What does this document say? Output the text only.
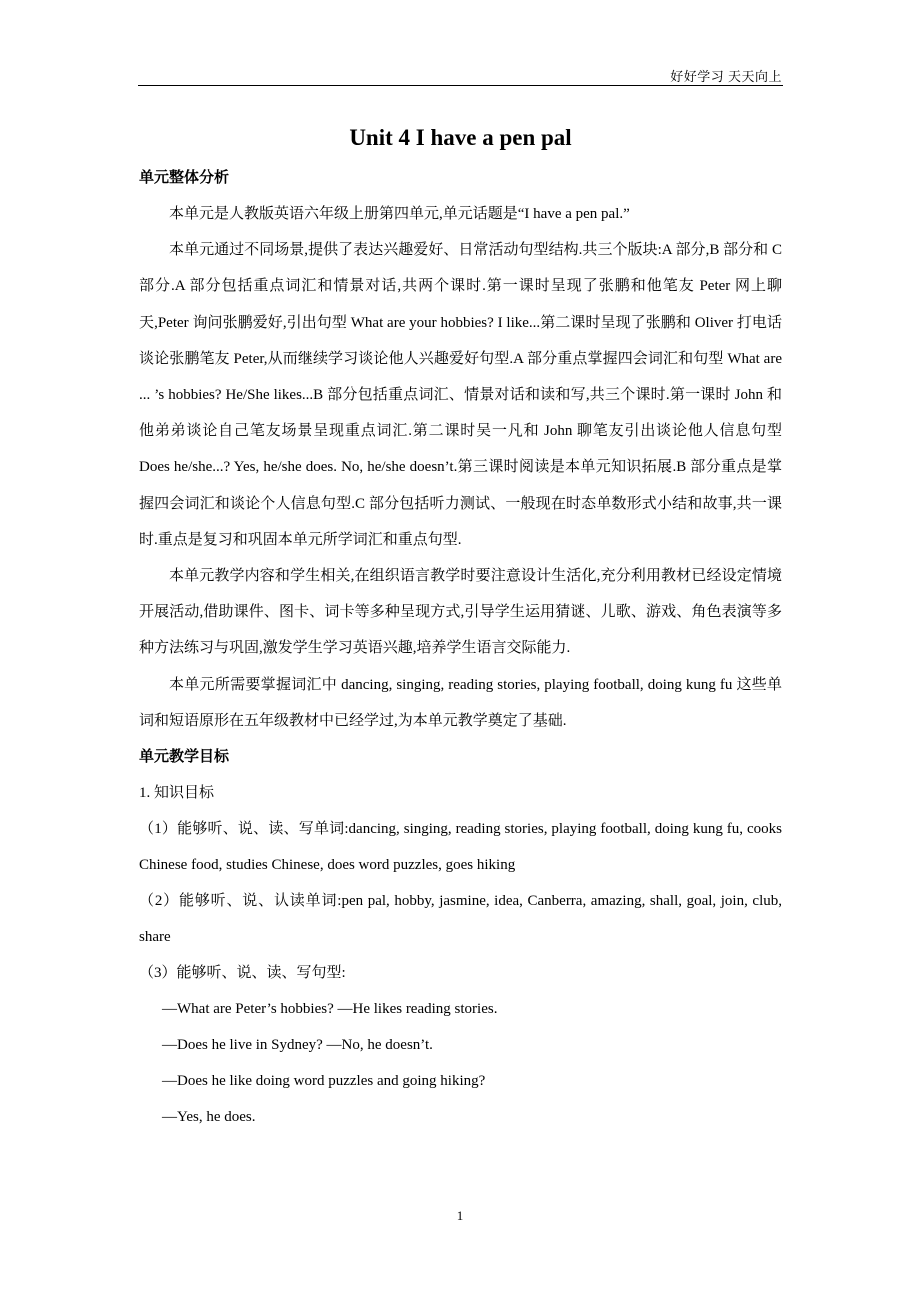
好好学习 天天向上
Unit 4 I have a pen pal
单元整体分析

本单元是人教版英语六年级上册第四单元,单元话题是“I have a pen pal.”

本单元通过不同场景,提供了表达兴趣爱好、日常活动句型结构.共三个版块:A 部分,B 部分和 C 部分.A 部分包括重点词汇和情景对话,共两个课时.第一课时呈现了张鹏和他笔友 Peter 网上聊天,Peter 询问张鹏爱好,引出句型 What are your hobbies? I like...第二课时呈现了张鹏和 Oliver 打电话谈论张鹏笔友 Peter,从而继续学习谈论他人兴趣爱好句型.A 部分重点掌握四会词汇和句型 What are ... ’s hobbies? He/She likes...B 部分包括重点词汇、情景对话和读和写,共三个课时.第一课时 John 和他弟弟谈论自己笔友场景呈现重点词汇.第二课时吴一凡和 John 聊笔友引出谈论他人信息句型 Does he/she...? Yes, he/she does. No, he/she doesn’t.第三课时阅读是本单元知识拓展.B 部分重点是掌握四会词汇和谈论个人信息句型.C 部分包括听力测试、一般现在时态单数形式小结和故事,共一课时.重点是复习和巩固本单元所学词汇和重点句型.

本单元教学内容和学生相关,在组织语言教学时要注意设计生活化,充分利用教材已经设定情境开展活动,借助课件、图卡、词卡等多种呈现方式,引导学生运用猜谜、儿歌、游戏、角色表演等多种方法练习与巩固,激发学生学习英语兴趣,培养学生语言交际能力.

本单元所需要掌握词汇中 dancing, singing, reading stories, playing football, doing kung fu 这些单词和短语原形在五年级教材中已经学过,为本单元教学奠定了基础.

单元教学目标
1. 知识目标

（1）能够听、说、读、写单词:dancing, singing, reading stories, playing football, doing kung fu, cooks Chinese food, studies Chinese, does word puzzles, goes hiking

（2）能够听、说、认读单词:pen pal, hobby, jasmine, idea, Canberra, amazing, shall, goal, join, club, share

（3）能够听、说、读、写句型:
—What are Peter’s hobbies? —He likes reading stories.
—Does he live in Sydney? —No, he doesn’t.
—Does he like doing word puzzles and going hiking?
—Yes, he does.
1
